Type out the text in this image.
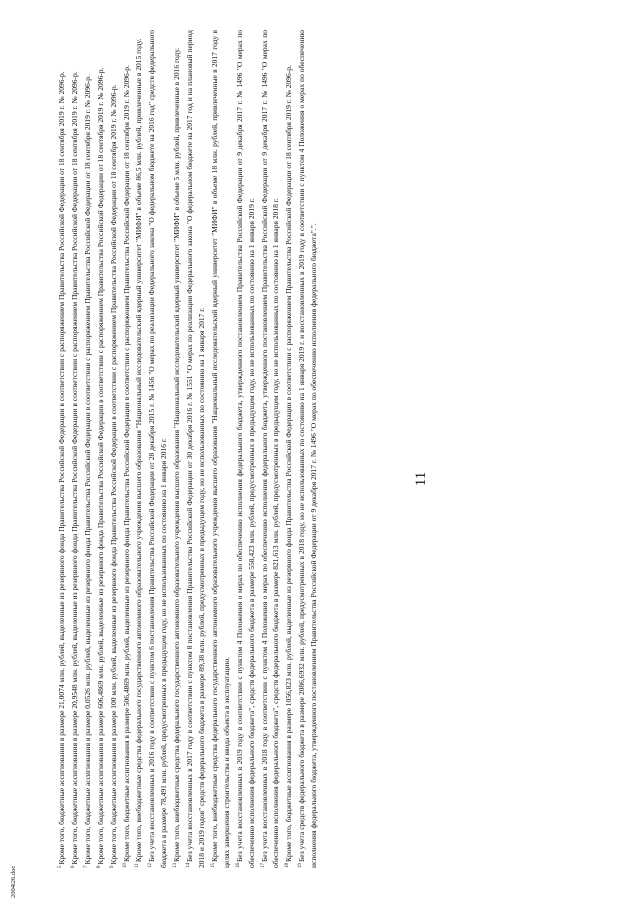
11

$^5$Кроме того, бюджетные ассигнования в размере 21,0074 млн. рублей, выделенные из резервного фонда Правительства Российской Федерации в соответствии с распоряжением Правительства Российской Федерации от 18 сентября 2019 г. № 2096-р.

$^6$Кроме того, бюджетные ассигнования в размере 20,9548 млн. рублей, выделенные из резервного фонда Правительства Российской Федерации в соответствии с распоряжением Правительства Российской Федерации от 18 сентября 2019 г. № 2096-р.

$^7$Кроме того, бюджетные ассигнования в размере 0,0526 млн. рублей, выделенные из резервного фонда Правительства Российской Федерации в соответствии с распоряжением Правительства Российской Федерации от 18 сентября 2019 г. № 2096-р.

$^8$Кроме того, бюджетные ассигнования в размере 606,4869 млн. рублей, выделенные из резервного фонда Правительства Российской Федерации в соответствии с распоряжением Правительства Российской Федерации от 18 сентября 2019 г. № 2096-р.

$^9$Кроме того, бюджетные ассигнования в размере 100 млн. рублей, выделенные из резервного фонда Правительства Российской Федерации в соответствии с распоряжением Правительства Российской Федерации от 18 сентября 2019 г. № 2096-р.

$^{10}$Кроме того, бюджетные ассигнования в размере 506,4869 млн. рублей, выделенные из резервного фонда Правительства Российской Федерации в соответствии с распоряжением Правительства Российской Федерации от 18 сентября 2019 г. № 2096-р.

$^{11}$Кроме того, внебюджетные средства федерального государственного автономного образовательного учреждения высшего образования "Национальный исследовательский ядерный университет "МИФИ" в объеме 86,5 млн. рублей, привлеченные в 2015 году.

$^{12}$Без учета восстановленных в 2016 году в соответствии с пунктом 6 постановления Правительства Российской Федерации от 28 декабря 2015 г. № 1456 "О мерах по реализации Федерального закона "О федеральном бюджете на 2016 год" средств федерального бюджета в размере 78,491 млн. рублей, предусмотренных в предыдущем году, но не использованных по состоянию на 1 января 2016 г. $^{13}$Кроме того, внебюджетные средства федерального государственного автономного образовательного учреждения высшего образования "Национальный исследовательский ядерный университет "МИФИ" в объеме 5 млн. рублей, привлеченные в 2016 году.

$^{14}$Без учета восстановленных в 2017 году в соответствии с пунктом 8 постановления Правительства Российской Федерации от 30 декабря 2016 г. № 1551 "О мерах по реализации Федерального закона "О федеральном бюджете на 2017 год и на плановый период 2018 и 2019 годов" средств федерального бюджета в размере 89,38 млн. рублей, предусмотренных в предыдущем году, но не использованных по состоянию на 1 января 2017 г. $^{15}$Кроме того, внебюджетные средства федерального государственного автономного образовательного учреждения высшего образования "Национальный исследовательский ядерный университет "МИФИ" в объеме 18 млн. рублей, привлеченные в 2017 году в целях завершения строительства и ввода объекта в эксплуатацию. $^{16}$Без учета восстановленных в 2019 году в соответствии с пунктом 4 Положения о мерах по обеспечению исполнения федерального бюджета, утвержденного постановлением Правительства Российской Федерации от 9 декабря 2017 г. № 1496 "О мерах по обеспечению исполнения федерального бюджета", средств федерального бюджета в размере 558,423 млн. рублей, предусмотренных в предыдущем году, но не использованных по состоянию на 1 января 2019 г. $^{17}$Без учета восстановленных в 2018 году в соответствии с пунктом 4 Положения о мерах по обеспечению исполнения федерального бюджета, утвержденного постановлением Правительства Российской Федерации от 9 декабря 2017 г. № 1496 "О мерах по обеспечению исполнения федерального бюджета", средств федерального бюджета в размере 821,613 млн. рублей, предусмотренных в предыдущем году, но не использованных по состоянию на 1 января 2018 г. $^{18}$Кроме того, бюджетные ассигнования в размере 1056,823 млн. рублей, выделенные из резервного фонда Правительства Российской Федерации в соответствии с распоряжением Правительства Российской Федерации от 18 сентября 2019 г. № 2096-р.

$^{19}$Без учета средств федерального бюджета в размере 2086,6932 млн. рублей, предусмотренных в 2018 году, но не использованных по состоянию на 1 января 2019 г. и восстановленных в 2019 году в соответствии с пунктом 4 Положения о мерах по обеспечению исполнения федерального бюджета, утвержденного постановлением Правительства Российской Федерации от 9 декабря 2017 г. № 1496 "О мерах по обеспечению исполнения федерального бюджета".".

2004i26.doc
